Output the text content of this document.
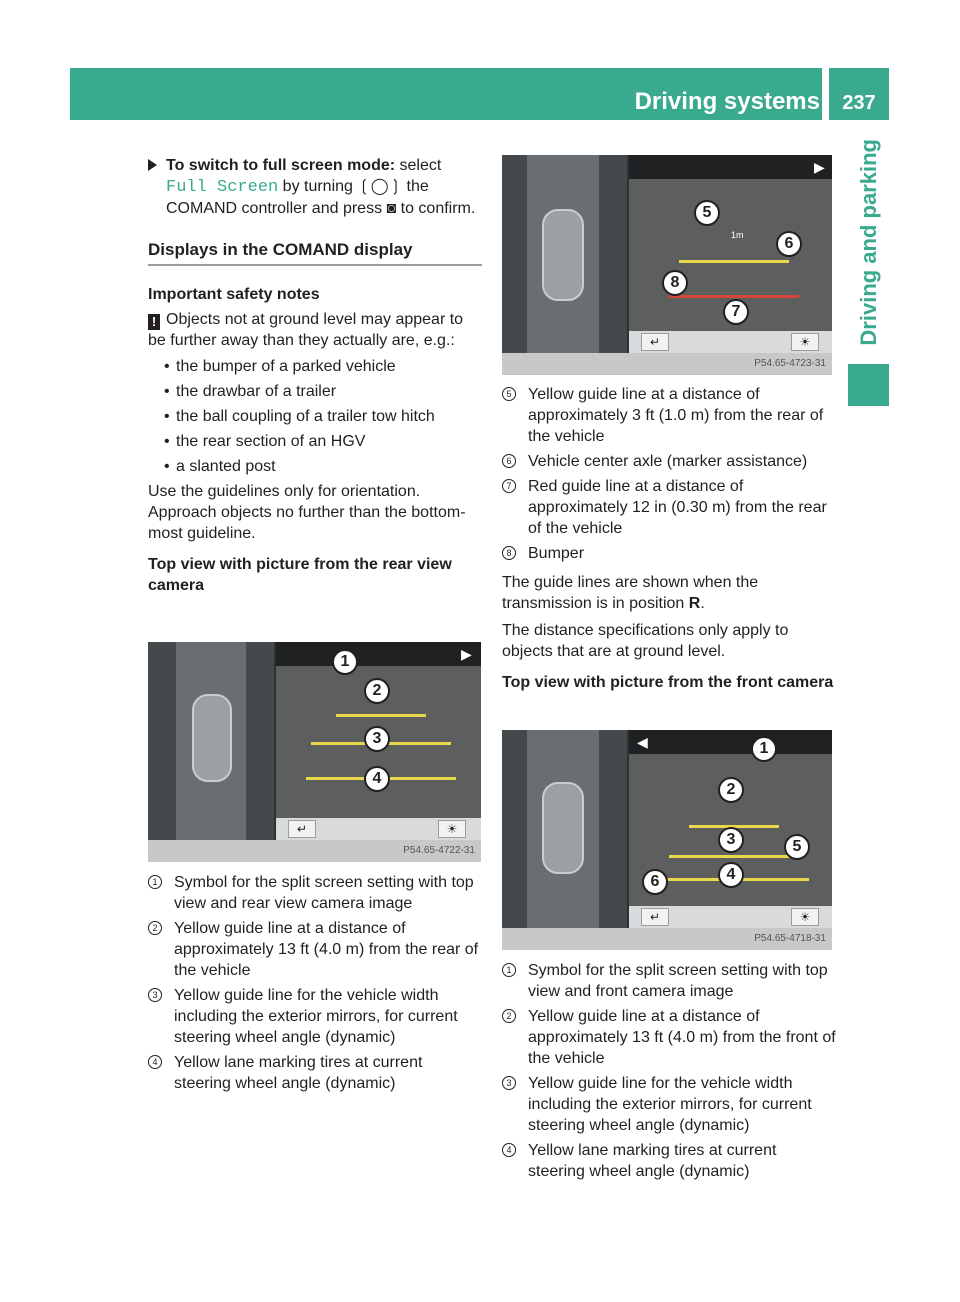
Driving systems	237
Driving and parking

To switch to full screen mode: select
Full Screen by turning ❲◯❳ the COMAND controller and press ◙ to confirm.

Displays in the COMAND display

Important safety notes

! Objects not at ground level may appear to be further away than they actually are, e.g.:

• the bumper of a parked vehicle

• the drawbar of a trailer

• the ball coupling of a trailer tow hitch

• the rear section of an HGV

• a slanted post

Use the guidelines only for orientation. Approach objects no further than the bottom-most guideline.

Top view with picture from the rear view camera

▶
↵	☀
P54.65-4722-31
1
2
3
4

1 Symbol for the split screen setting with top view and rear view camera image

2 Yellow guide line at a distance of approximately 13 ft (4.0 m) from the rear of the vehicle

3 Yellow guide line for the vehicle width including the exterior mirrors, for current steering wheel angle (dynamic)

4 Yellow lane marking tires at current steering wheel angle (dynamic)

▶
1m
↵	☀
P54.65-4723-31
5
6
7
8

5 Yellow guide line at a distance of approximately 3 ft (1.0 m) from the rear of the vehicle

6 Vehicle center axle (marker assistance)

7 Red guide line at a distance of approximately 12 in (0.30 m) from the rear of the vehicle

8 Bumper

The guide lines are shown when the transmission is in position R.

The distance specifications only apply to objects that are at ground level.

Top view with picture from the front camera

◀
↵	☀
P54.65-4718-31
1
2
3	5
4
6

1 Symbol for the split screen setting with top view and front camera image

2 Yellow guide line at a distance of approximately 13 ft (4.0 m) from the front of the vehicle

3 Yellow guide line for the vehicle width including the exterior mirrors, for current steering wheel angle (dynamic)

4 Yellow lane marking tires at current steering wheel angle (dynamic)
